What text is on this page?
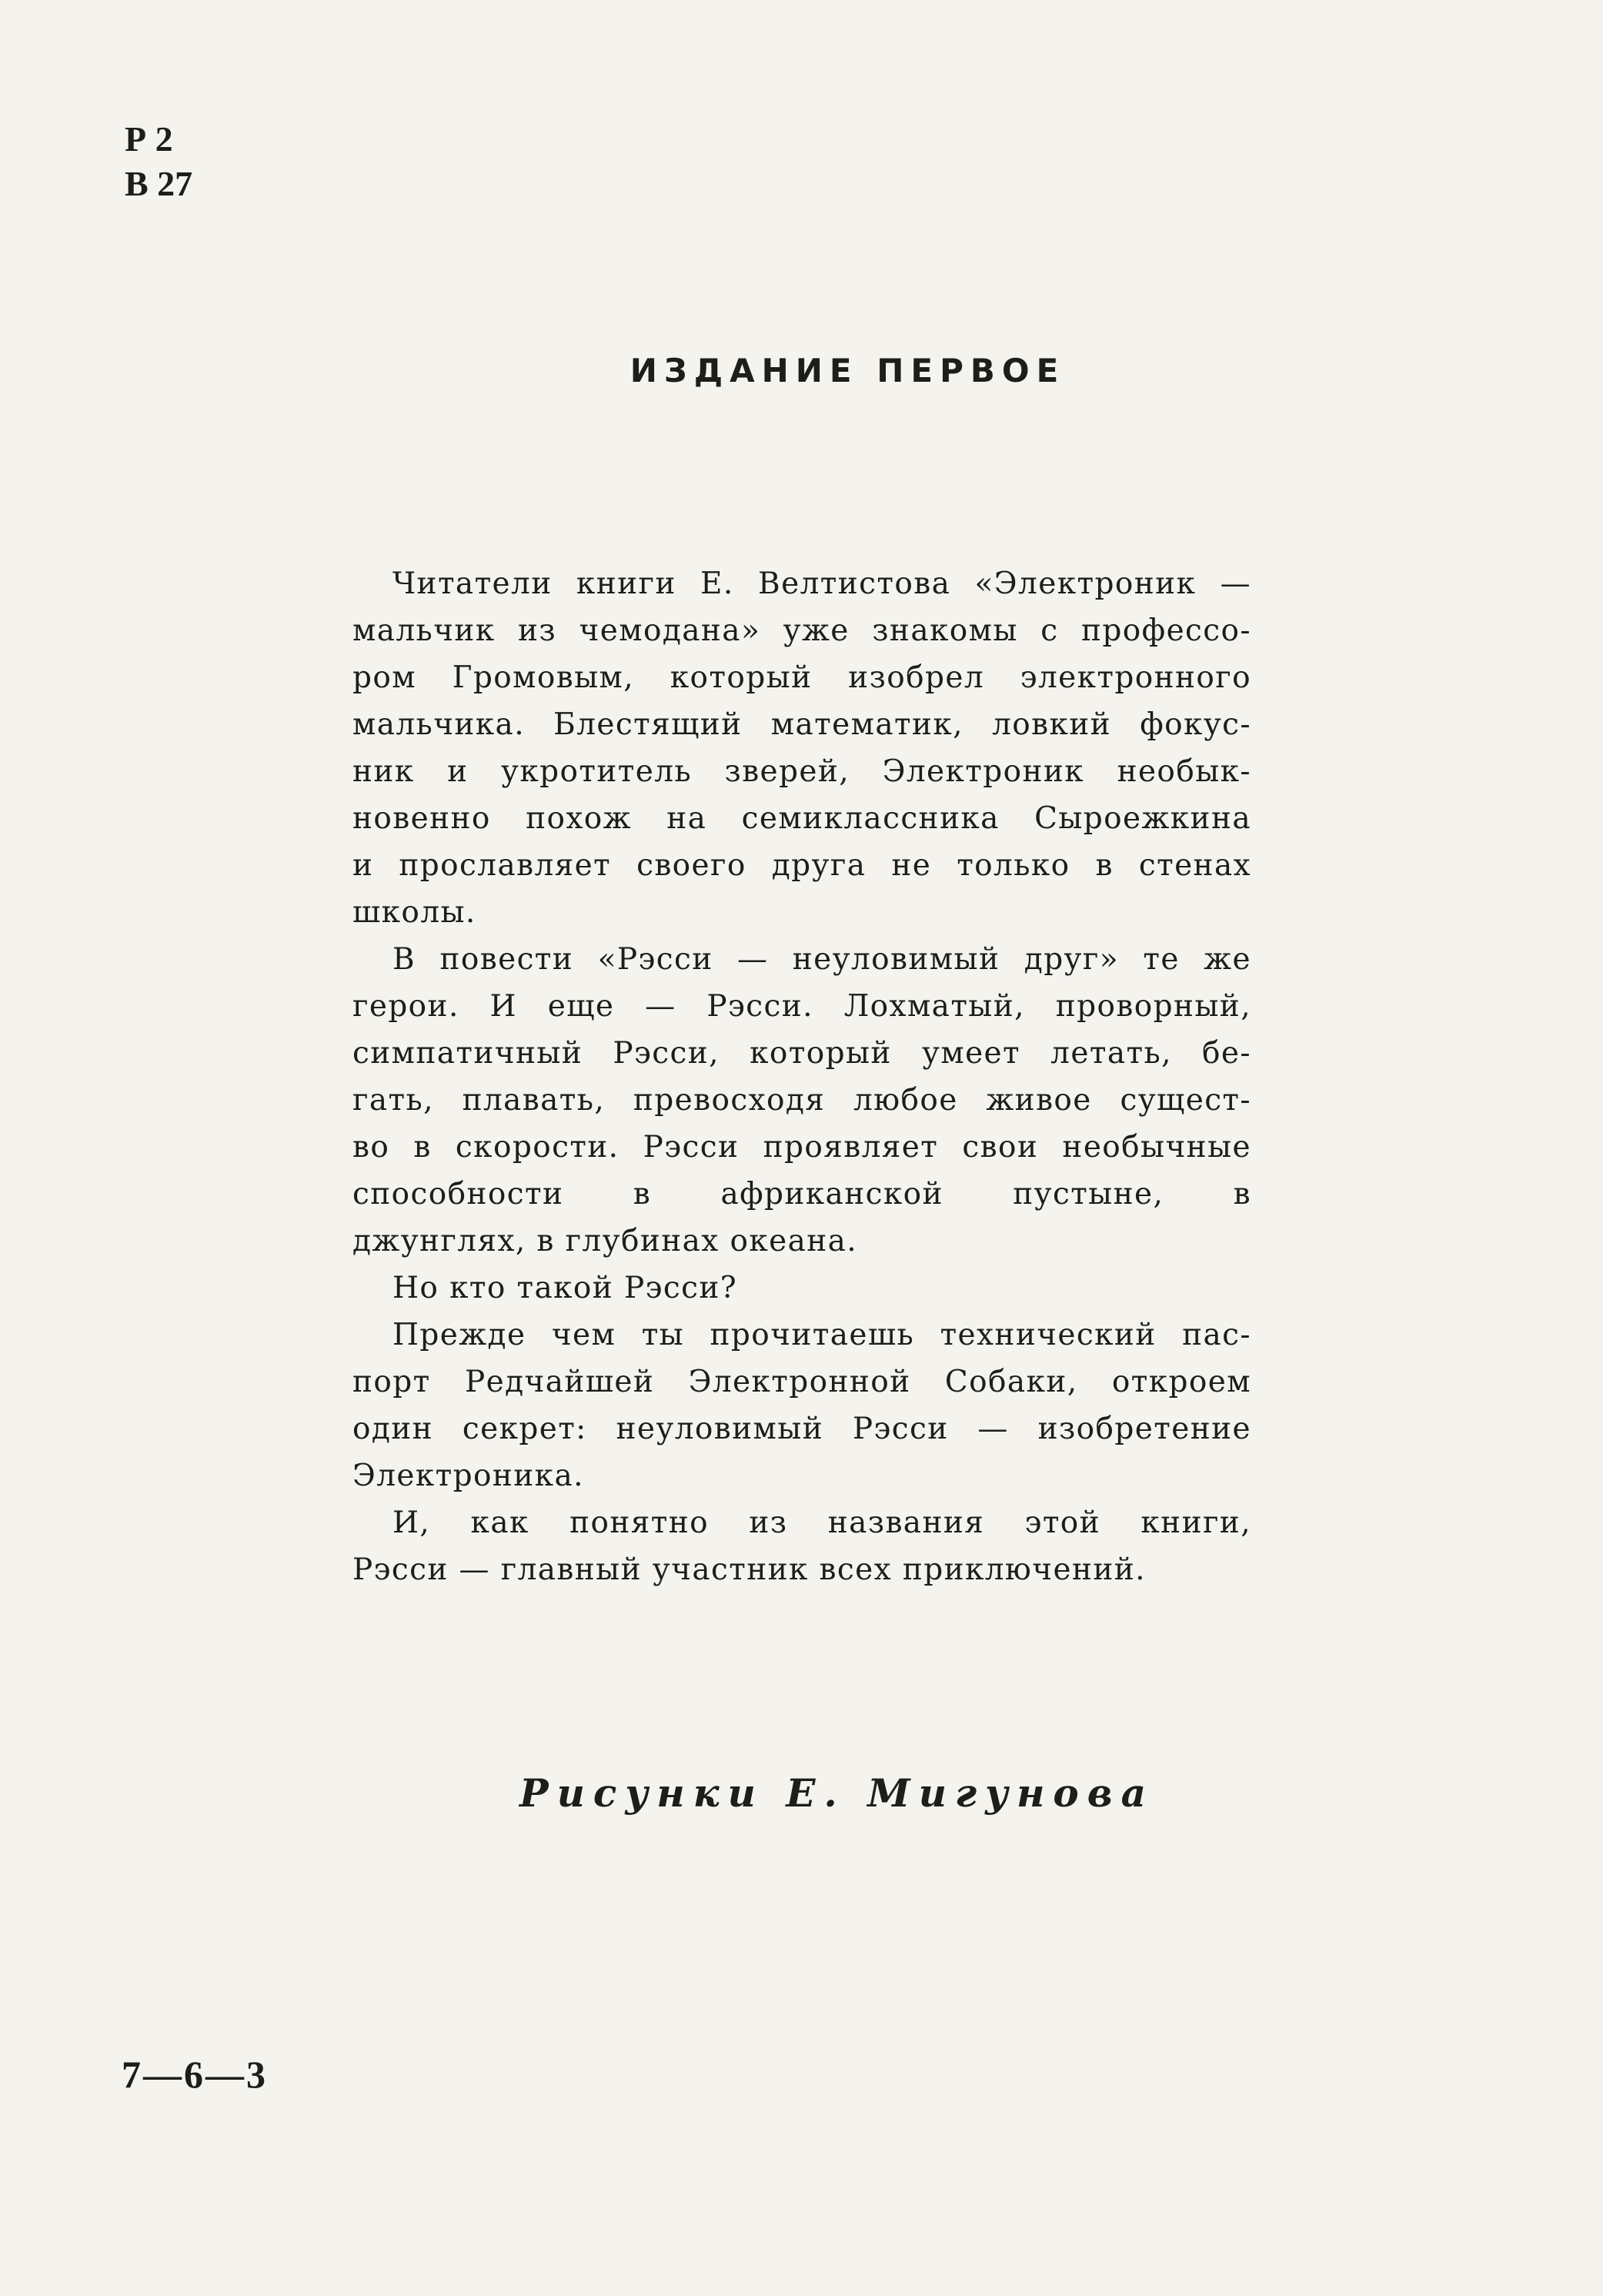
Р 2
В 27
ИЗДАНИЕ ПЕРВОЕ

Читатели книги Е. Велтистова «Электроник —
мальчик из чемодана» уже знакомы с профессо-
ром Громовым, который изобрел электронного
мальчика. Блестящий математик, ловкий фокус-
ник и укротитель зверей, Электроник необык-
новенно похож на семиклассника Сыроежкина
и прославляет своего друга не только в стенах
школы.

В повести «Рэсси — неуловимый друг» те же
герои. И еще — Рэсси. Лохматый, проворный,
симпатичный Рэсси, который умеет летать, бе-
гать, плавать, превосходя любое живое сущест-
во в скорости. Рэсси проявляет свои необычные
способности в африканской пустыне, в
джунглях, в глубинах океана.

Но кто такой Рэсси?

Прежде чем ты прочитаешь технический пас-
порт Редчайшей Электронной Собаки, откроем
один секрет: неуловимый Рэсси — изобретение
Электроника.

И, как понятно из названия этой книги,
Рэсси — главный участник всех приключений.

Рисунки Е. Мигунова
7—6—3
